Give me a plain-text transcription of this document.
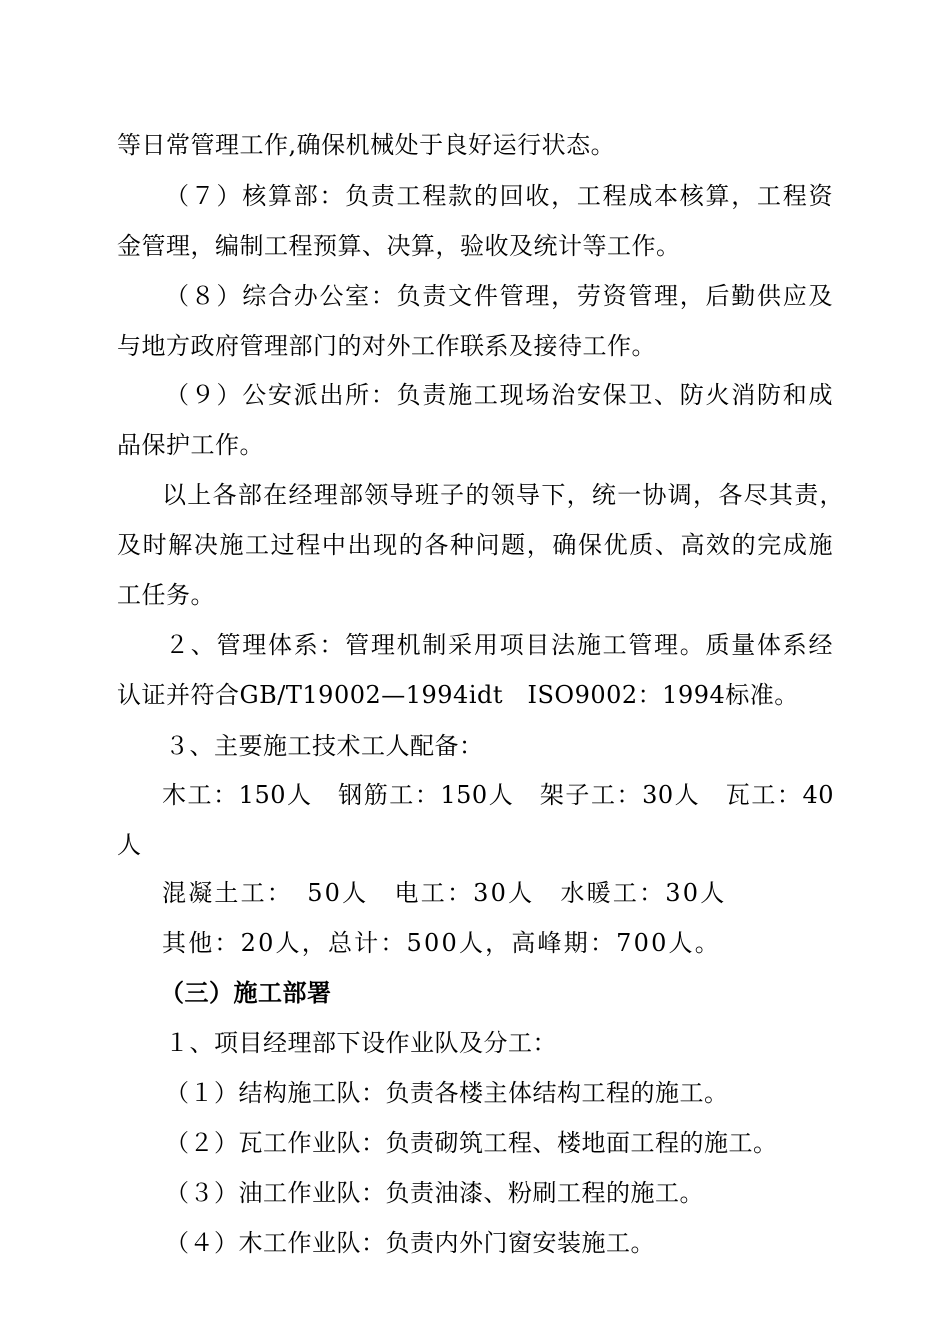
等日常管理工作,确保机械处于良好运行状态。
（７）核算部：负责工程款的回收，工程成本核算，工程资
金管理，编制工程预算、决算，验收及统计等工作。
（８）综合办公室：负责文件管理，劳资管理，后勤供应及
与地方政府管理部门的对外工作联系及接待工作。
（９）公安派出所：负责施工现场治安保卫、防火消防和成
品保护工作。
以上各部在经理部领导班子的领导下，统一协调，各尽其责，
及时解决施工过程中出现的各种问题，确保优质、高效的完成施
工任务。
２、管理体系：管理机制采用项目法施工管理。质量体系经
认证并符合GB/T19002—1994idt　ISO9002：1994标准。
３、主要施工技术工人配备：
木工：150人　钢筋工：150人　架子工：30人　瓦工：40
人
混凝土工：　50人　电工：30人　水暖工：30人
其他：20人，总计：500人，高峰期：700人。
（三）施工部署
１、项目经理部下设作业队及分工：
（１）结构施工队：负责各楼主体结构工程的施工。
（２）瓦工作业队：负责砌筑工程、楼地面工程的施工。
（３）油工作业队：负责油漆、粉刷工程的施工。
（４）木工作业队：负责内外门窗安装施工。
